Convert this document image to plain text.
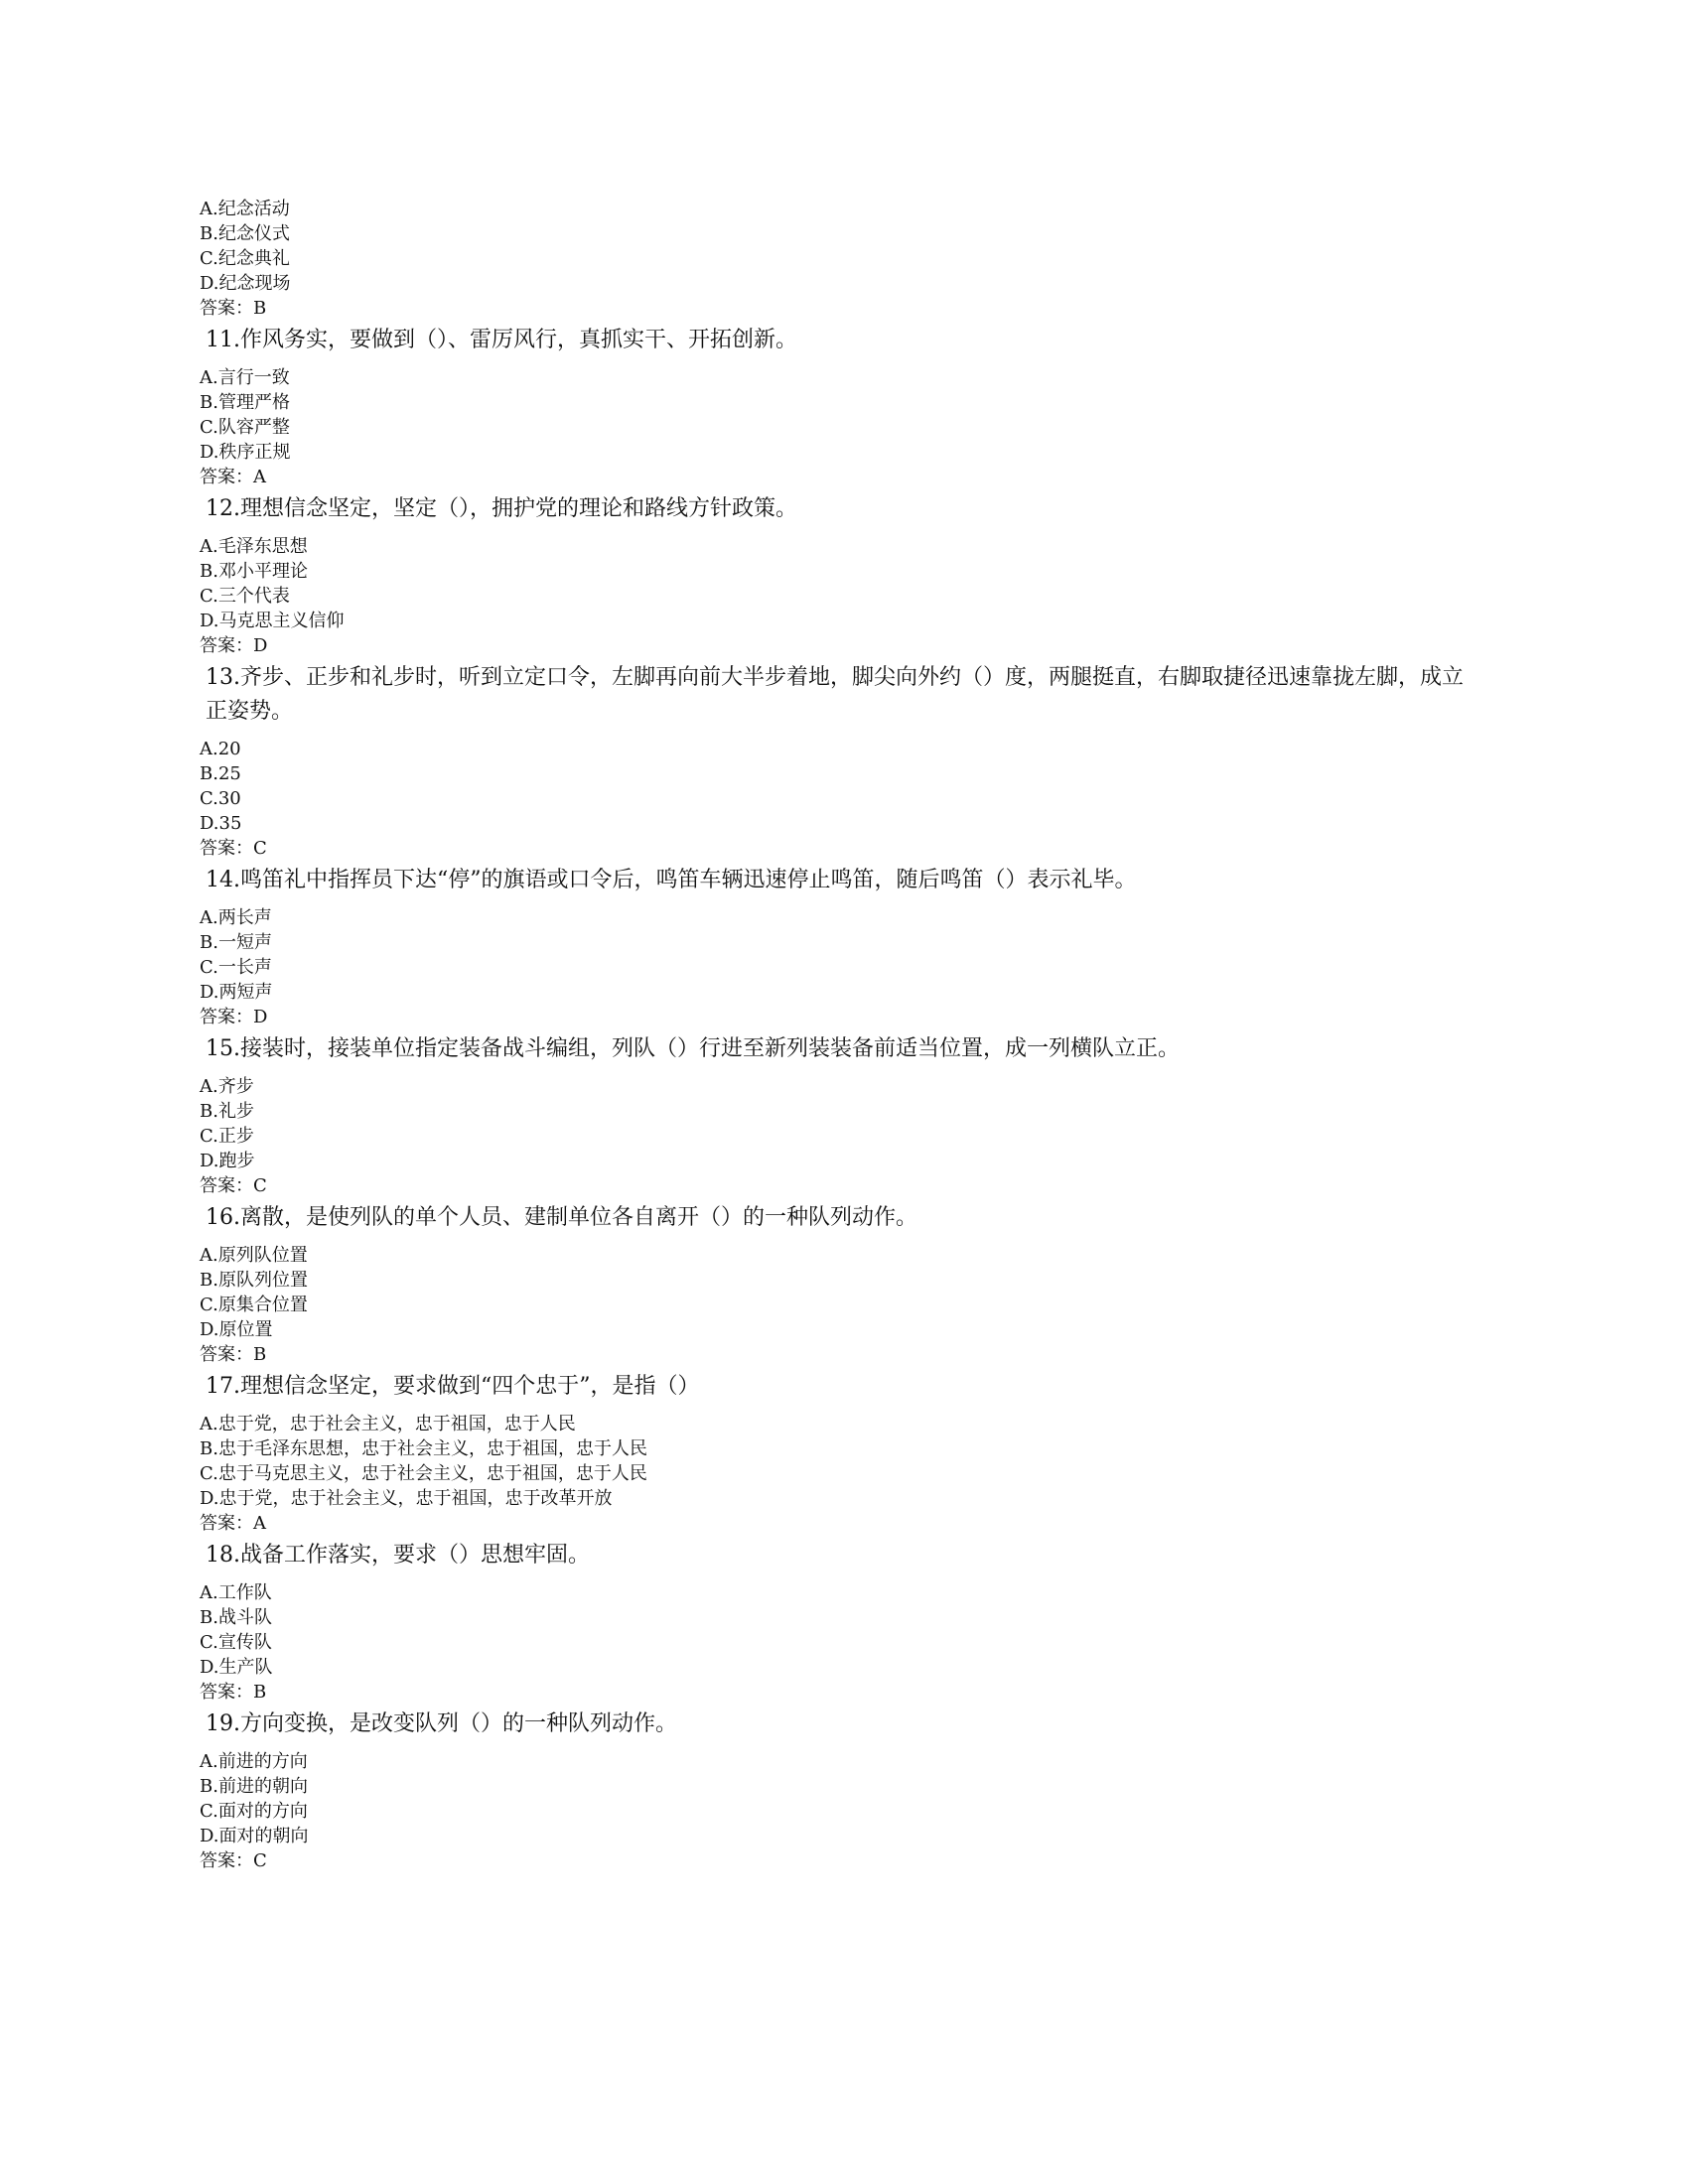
A.纪念活动
B.纪念仪式
C.纪念典礼
D.纪念现场
答案：B
11.作风务实，要做到（）、雷厉风行，真抓实干、开拓创新。
A.言行一致
B.管理严格
C.队容严整
D.秩序正规
答案：A
12.理想信念坚定，坚定（），拥护党的理论和路线方针政策。
A.毛泽东思想
B.邓小平理论
C.三个代表
D.马克思主义信仰
答案：D
13.齐步、正步和礼步时，听到立定口令，左脚再向前大半步着地，脚尖向外约（）度，两腿挺直，右脚取捷径迅速靠拢左脚，成立正姿势。
A.20
B.25
C.30
D.35
答案：C
14.鸣笛礼中指挥员下达“停”的旗语或口令后，鸣笛车辆迅速停止鸣笛，随后鸣笛（）表示礼毕。
A.两长声
B.一短声
C.一长声
D.两短声
答案：D
15.接装时，接装单位指定装备战斗编组，列队（）行进至新列装装备前适当位置，成一列横队立正。
A.齐步
B.礼步
C.正步
D.跑步
答案：C
16.离散，是使列队的单个人员、建制单位各自离开（）的一种队列动作。
A.原列队位置
B.原队列位置
C.原集合位置
D.原位置
答案：B
17.理想信念坚定，要求做到“四个忠于”，是指（）
A.忠于党，忠于社会主义，忠于祖国，忠于人民
B.忠于毛泽东思想，忠于社会主义，忠于祖国，忠于人民
C.忠于马克思主义，忠于社会主义，忠于祖国，忠于人民
D.忠于党，忠于社会主义，忠于祖国，忠于改革开放
答案：A
18.战备工作落实，要求（）思想牢固。
A.工作队
B.战斗队
C.宣传队
D.生产队
答案：B
19.方向变换，是改变队列（）的一种队列动作。
A.前进的方向
B.前进的朝向
C.面对的方向
D.面对的朝向
答案：C
